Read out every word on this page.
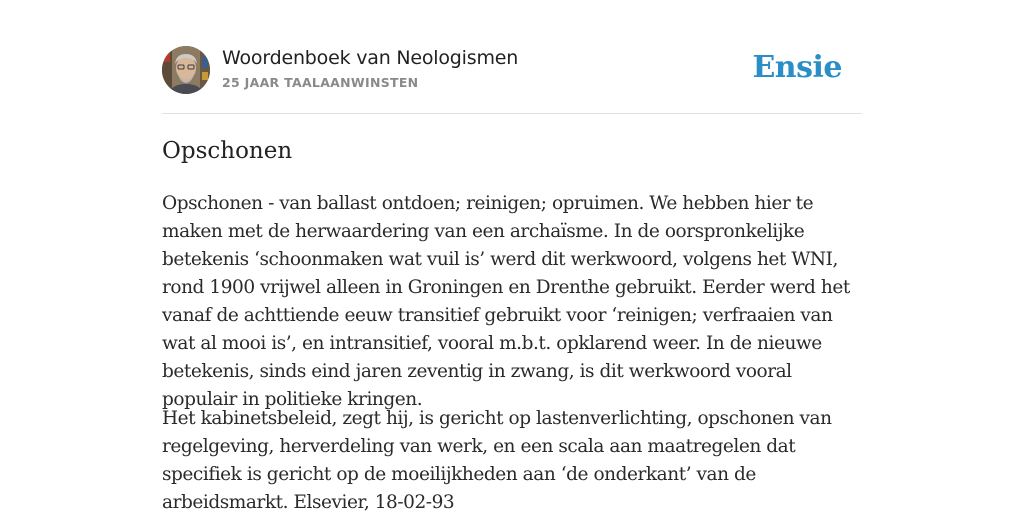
Woordenboek van Neologismen
25 JAAR TAALAANWINSTEN	Ensie
Opschonen

Opschonen - van ballast ontdoen; reinigen; opruimen. We hebben hier te maken met de herwaardering van een archaïsme. In de oorspronkelijke betekenis ‘schoonmaken wat vuil is’ werd dit werkwoord, volgens het WNI, rond 1900 vrijwel alleen in Groningen en Drenthe gebruikt. Eerder werd het vanaf de achttiende eeuw transitief gebruikt voor ‘reinigen; verfraaien van wat al mooi is’, en intransitief, vooral m.b.t. opklarend weer. In de nieuwe betekenis, sinds eind jaren zeventig in zwang, is dit werkwoord vooral populair in politieke kringen.

Het kabinetsbeleid, zegt hij, is gericht op lastenverlichting, opschonen van regelgeving, herverdeling van werk, en een scala aan maatregelen dat specifiek is gericht op de moeilijkheden aan ‘de onderkant’ van de arbeidsmarkt. Elsevier, 18-02-93
